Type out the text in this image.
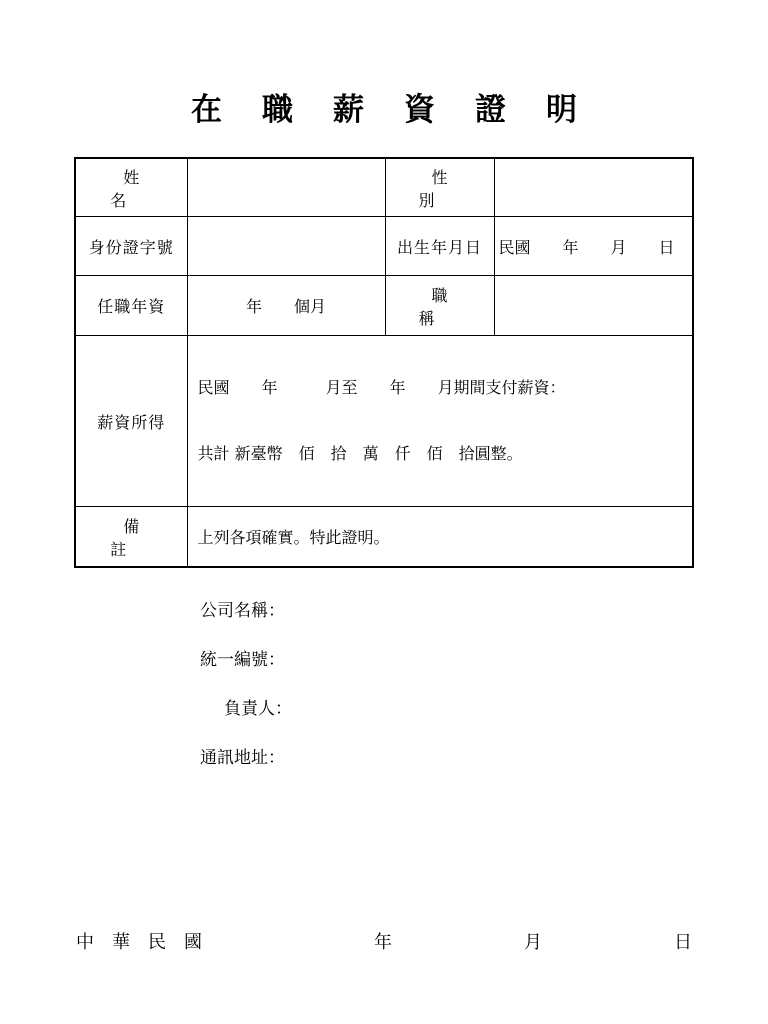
在職薪資證明
姓 名		性 別	
身份證字號		出生年月日	民國　　年　　月　　日
任職年資	年　　個月	職 稱	
薪資所得	民國　　年　　　月至　　年　　月期間支付薪資：

共計 新臺幣　佰　拾　萬　仟　佰　拾圓整。		

備 註	上列各項確實。特此證明。		
公司名稱：
統一編號：
負責人：
通訊地址：
中　華　民　國	年	月	日
